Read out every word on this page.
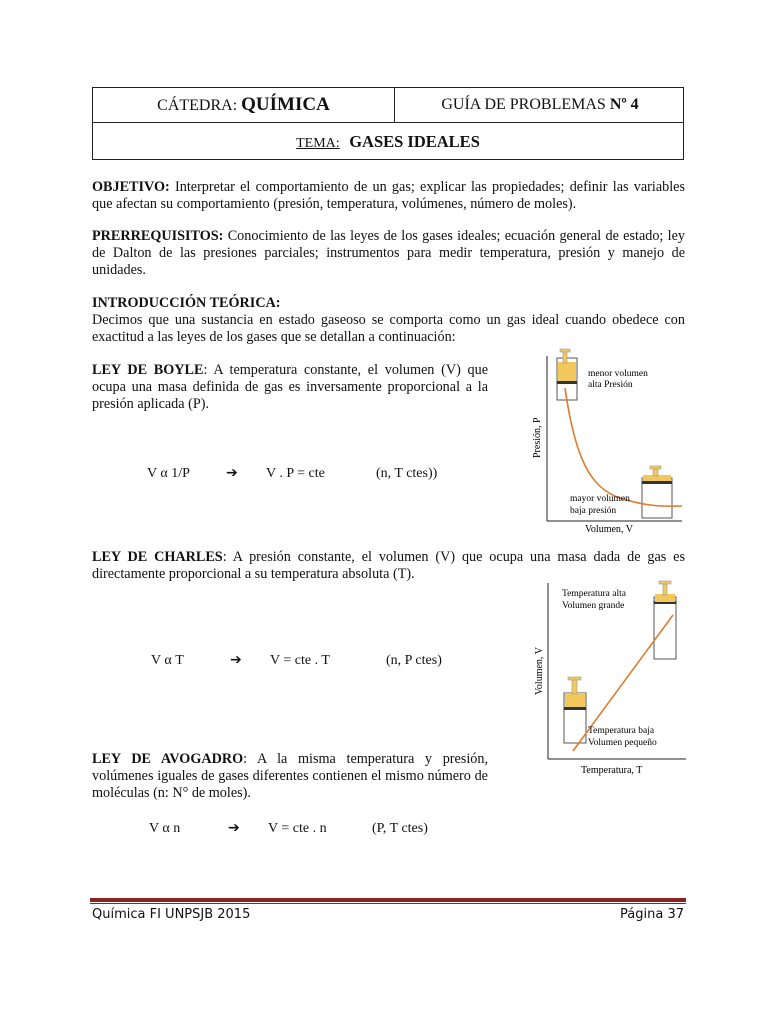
CÁTEDRA: QUÍMICA	GUÍA DE PROBLEMAS Nº 4
TEMA: GASES IDEALES
OBJETIVO: Interpretar el comportamiento de un gas; explicar las propiedades; definir las variables que afectan su comportamiento (presión, temperatura, volúmenes, número de moles).
PRERREQUISITOS: Conocimiento de las leyes de los gases ideales; ecuación general de estado; ley de Dalton de las presiones parciales; instrumentos para medir temperatura, presión y manejo de unidades.
INTRODUCCIÓN TEÓRICA:
Decimos que una sustancia en estado gaseoso se comporta como un gas ideal cuando obedece con exactitud a las leyes de los gases que se detallan a continuación:
LEY DE BOYLE: A temperatura constante, el volumen (V) que ocupa una masa definida de gas es inversamente proporcional a la presión aplicada (P).
V α 1/P	➔ V . P = cte	(n, T ctes))
Presión, P
Volumen, V
menor volumen
alta Presión
mayor volumen
baja presión
LEY DE CHARLES: A presión constante, el volumen (V) que ocupa una masa dada de gas es directamente proporcional a su temperatura absoluta (T).
V α T	➔ V = cte . T	(n, P ctes)	Volumen, V
Temperatura, T
Temperatura alta
Volumen grande
Temperatura baja
Volumen pequeño
LEY DE AVOGADRO: A la misma temperatura y presión, volúmenes iguales de gases diferentes contienen el mismo número de moléculas (n: N° de moles).
V α n	➔ V = cte . n	(P, T ctes)
Química FI UNPSJB 2015	Página 37
